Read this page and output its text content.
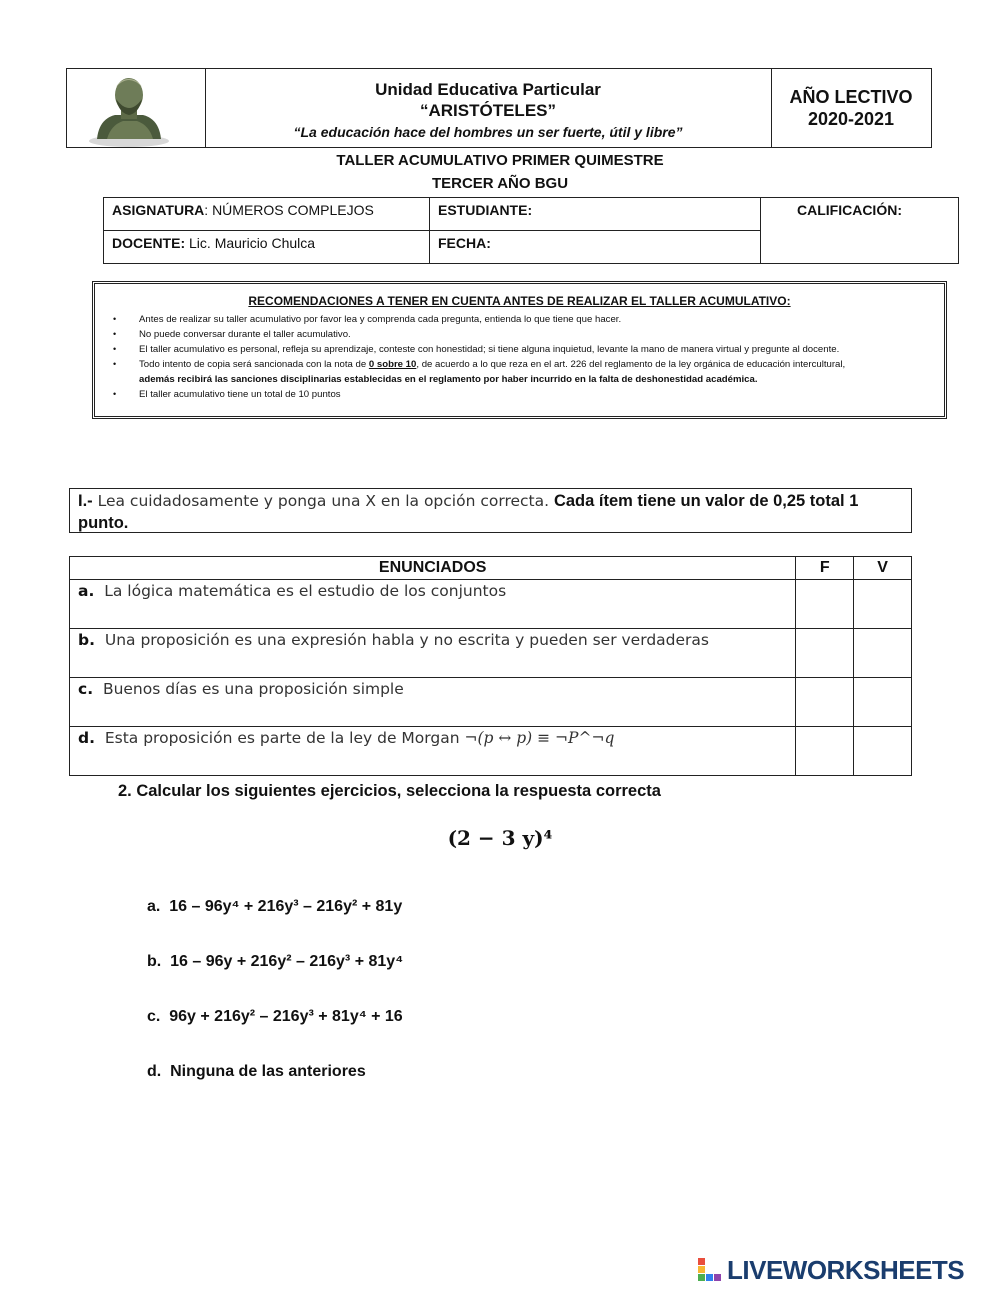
Unidad Educativa Particular
“ARISTÓTELES”
“La educación hace del hombres un ser fuerte, útil y libre”
AÑO LECTIVO
2020-2021
TALLER ACUMULATIVO PRIMER QUIMESTRE
TERCER AÑO BGU
ASIGNATURA: NÚMEROS COMPLEJOS	ESTUDIANTE:	CALIFICACIÓN:
DOCENTE: Lic. Mauricio Chulca	FECHA:
RECOMENDACIONES A TENER EN CUENTA ANTES DE REALIZAR EL TALLER ACUMULATIVO:
• Antes de realizar su taller acumulativo por favor lea y comprenda cada pregunta, entienda lo que tiene que hacer.
• No puede conversar durante el taller acumulativo.
• El taller acumulativo es personal, refleja su aprendizaje, conteste con honestidad; si tiene alguna inquietud, levante la mano de manera virtual y pregunte al docente.
• Todo intento de copia será sancionada con la nota de 0 sobre 10, de acuerdo a lo que reza en el art. 226 del reglamento de la ley orgánica de educación intercultural,
además recibirá las sanciones disciplinarias establecidas en el reglamento por haber incurrido en la falta de deshonestidad académica.
• El taller acumulativo tiene un total de 10 puntos
I.- Lea cuidadosamente y ponga una X en la opción correcta. Cada ítem tiene un valor de 0,25 total 1 punto.
ENUNCIADOS	F	V
a. La lógica matemática es el estudio de los conjuntos		
b. Una proposición es una expresión habla y no escrita y pueden ser verdaderas		
c. Buenos días es una proposición simple		
d. Esta proposición es parte de la ley de Morgan ¬(p ↔ p) ≡ ¬P^¬q		
2. Calcular los siguientes ejercicios, selecciona la respuesta correcta
(2 − 3 y)⁴
a.  16 – 96y⁴ + 216y³ – 216y² + 81y
b. 16 – 96y + 216y² – 216y³ + 81y⁴
c. 96y + 216y² – 216y³ + 81y⁴ + 16
d. Ninguna de las anteriores
LIVEWORKSHEETS
